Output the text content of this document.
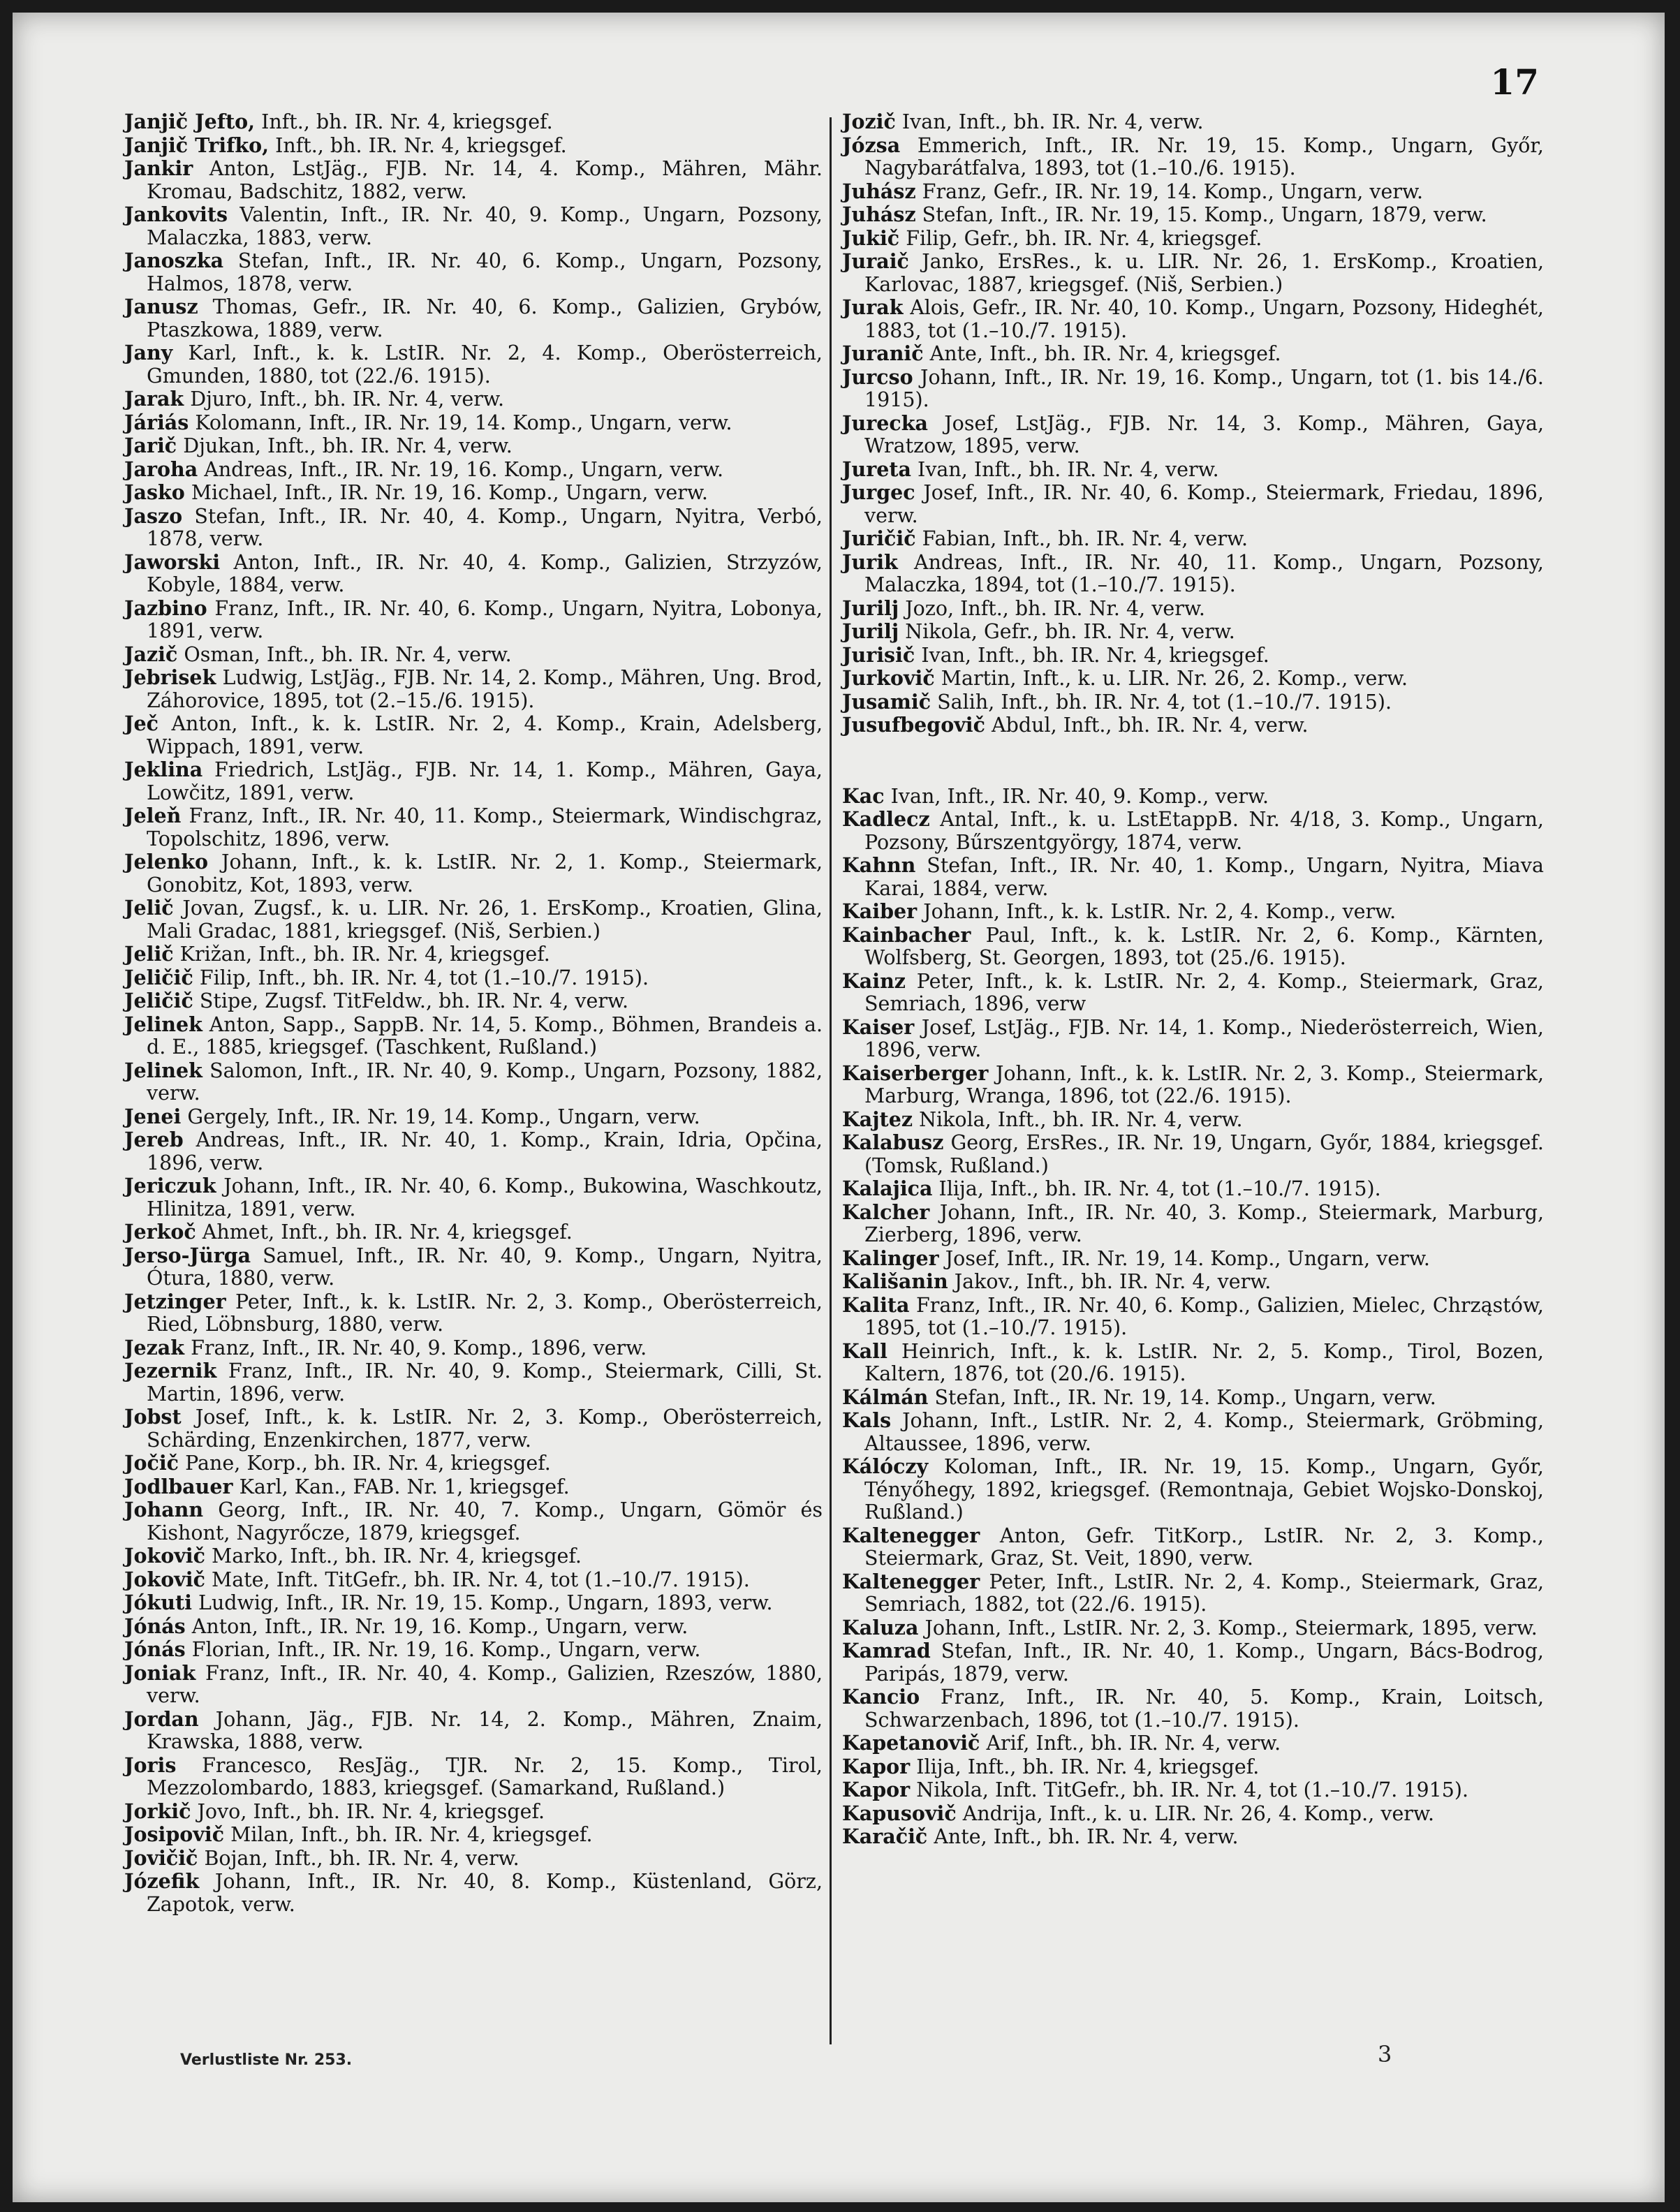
17

Janjič Jefto, Inft., bh. IR. Nr. 4, kriegsgef.

Janjič Trifko, Inft., bh. IR. Nr. 4, kriegsgef.

Jankir Anton, LstJäg., FJB. Nr. 14, 4. Komp., Mähren, Mähr. Kromau, Badschitz, 1882, verw.

Jankovits Valentin, Inft., IR. Nr. 40, 9. Komp., Ungarn, Pozsony, Malaczka, 1883, verw.

Janoszka Stefan, Inft., IR. Nr. 40, 6. Komp., Ungarn, Pozsony, Halmos, 1878, verw.

Janusz Thomas, Gefr., IR. Nr. 40, 6. Komp., Galizien, Grybów, Ptaszkowa, 1889, verw.

Jany Karl, Inft., k. k. LstIR. Nr. 2, 4. Komp., Oberösterreich, Gmunden, 1880, tot (22./6. 1915).

Jarak Djuro, Inft., bh. IR. Nr. 4, verw.

Járiás Kolomann, Inft., IR. Nr. 19, 14. Komp., Ungarn, verw.

Jarič Djukan, Inft., bh. IR. Nr. 4, verw.

Jaroha Andreas, Inft., IR. Nr. 19, 16. Komp., Ungarn, verw.

Jasko Michael, Inft., IR. Nr. 19, 16. Komp., Ungarn, verw.

Jaszo Stefan, Inft., IR. Nr. 40, 4. Komp., Ungarn, Nyitra, Verbó, 1878, verw.

Jaworski Anton, Inft., IR. Nr. 40, 4. Komp., Galizien, Strzyzów, Kobyle, 1884, verw.

Jazbino Franz, Inft., IR. Nr. 40, 6. Komp., Ungarn, Nyitra, Lobonya, 1891, verw.

Jazič Osman, Inft., bh. IR. Nr. 4, verw.

Jebrisek Ludwig, LstJäg., FJB. Nr. 14, 2. Komp., Mähren, Ung. Brod, Záhorovice, 1895, tot (2.–15./6. 1915).

Ječ Anton, Inft., k. k. LstIR. Nr. 2, 4. Komp., Krain, Adelsberg, Wippach, 1891, verw.

Jeklina Friedrich, LstJäg., FJB. Nr. 14, 1. Komp., Mähren, Gaya, Lowčitz, 1891, verw.

Jeleň Franz, Inft., IR. Nr. 40, 11. Komp., Steiermark, Windischgraz, Topolschitz, 1896, verw.

Jelenko Johann, Inft., k. k. LstIR. Nr. 2, 1. Komp., Steiermark, Gonobitz, Kot, 1893, verw.

Jelič Jovan, Zugsf., k. u. LIR. Nr. 26, 1. ErsKomp., Kroatien, Glina, Mali Gradac, 1881, kriegsgef. (Niš, Serbien.)

Jelič Križan, Inft., bh. IR. Nr. 4, kriegsgef.

Jeličič Filip, Inft., bh. IR. Nr. 4, tot (1.–10./7. 1915).

Jeličič Stipe, Zugsf. TitFeldw., bh. IR. Nr. 4, verw.

Jelinek Anton, Sapp., SappB. Nr. 14, 5. Komp., Böhmen, Brandeis a. d. E., 1885, kriegsgef. (Taschkent, Rußland.)

Jelinek Salomon, Inft., IR. Nr. 40, 9. Komp., Ungarn, Pozsony, 1882, verw.

Jenei Gergely, Inft., IR. Nr. 19, 14. Komp., Ungarn, verw.

Jereb Andreas, Inft., IR. Nr. 40, 1. Komp., Krain, Idria, Opčina, 1896, verw.

Jericzuk Johann, Inft., IR. Nr. 40, 6. Komp., Bukowina, Waschkoutz, Hlinitza, 1891, verw.

Jerkoč Ahmet, Inft., bh. IR. Nr. 4, kriegsgef.

Jerso-Jürga Samuel, Inft., IR. Nr. 40, 9. Komp., Ungarn, Nyitra, Ótura, 1880, verw.

Jetzinger Peter, Inft., k. k. LstIR. Nr. 2, 3. Komp., Oberösterreich, Ried, Löbnsburg, 1880, verw.

Jezak Franz, Inft., IR. Nr. 40, 9. Komp., 1896, verw.

Jezernik Franz, Inft., IR. Nr. 40, 9. Komp., Steiermark, Cilli, St. Martin, 1896, verw.

Jobst Josef, Inft., k. k. LstIR. Nr. 2, 3. Komp., Oberösterreich, Schärding, Enzenkirchen, 1877, verw.

Jočič Pane, Korp., bh. IR. Nr. 4, kriegsgef.

Jodlbauer Karl, Kan., FAB. Nr. 1, kriegsgef.

Johann Georg, Inft., IR. Nr. 40, 7. Komp., Ungarn, Gömör és Kishont, Nagyrőcze, 1879, kriegsgef.

Jokovič Marko, Inft., bh. IR. Nr. 4, kriegsgef.

Jokovič Mate, Inft. TitGefr., bh. IR. Nr. 4, tot (1.–10./7. 1915).

Jókuti Ludwig, Inft., IR. Nr. 19, 15. Komp., Ungarn, 1893, verw.

Jónás Anton, Inft., IR. Nr. 19, 16. Komp., Ungarn, verw.

Jónás Florian, Inft., IR. Nr. 19, 16. Komp., Ungarn, verw.

Joniak Franz, Inft., IR. Nr. 40, 4. Komp., Galizien, Rzeszów, 1880, verw.

Jordan Johann, Jäg., FJB. Nr. 14, 2. Komp., Mähren, Znaim, Krawska, 1888, verw.

Joris Francesco, ResJäg., TJR. Nr. 2, 15. Komp., Tirol, Mezzolombardo, 1883, kriegsgef. (Samarkand, Rußland.)

Jorkič Jovo, Inft., bh. IR. Nr. 4, kriegsgef.

Josipovič Milan, Inft., bh. IR. Nr. 4, kriegsgef.

Jovičič Bojan, Inft., bh. IR. Nr. 4, verw.

Józefik Johann, Inft., IR. Nr. 40, 8. Komp., Küstenland, Görz, Zapotok, verw.

Jozič Ivan, Inft., bh. IR. Nr. 4, verw.

Józsa Emmerich, Inft., IR. Nr. 19, 15. Komp., Ungarn, Győr, Nagybarátfalva, 1893, tot (1.–10./6. 1915).

Juhász Franz, Gefr., IR. Nr. 19, 14. Komp., Ungarn, verw.

Juhász Stefan, Inft., IR. Nr. 19, 15. Komp., Ungarn, 1879, verw.

Jukič Filip, Gefr., bh. IR. Nr. 4, kriegsgef.

Juraič Janko, ErsRes., k. u. LIR. Nr. 26, 1. ErsKomp., Kroatien, Karlovac, 1887, kriegsgef. (Niš, Serbien.)

Jurak Alois, Gefr., IR. Nr. 40, 10. Komp., Ungarn, Pozsony, Hideghét, 1883, tot (1.–10./7. 1915).

Juranič Ante, Inft., bh. IR. Nr. 4, kriegsgef.

Jurcso Johann, Inft., IR. Nr. 19, 16. Komp., Ungarn, tot (1. bis 14./6. 1915).

Jurecka Josef, LstJäg., FJB. Nr. 14, 3. Komp., Mähren, Gaya, Wratzow, 1895, verw.

Jureta Ivan, Inft., bh. IR. Nr. 4, verw.

Jurgec Josef, Inft., IR. Nr. 40, 6. Komp., Steiermark, Friedau, 1896, verw.

Juričič Fabian, Inft., bh. IR. Nr. 4, verw.

Jurik Andreas, Inft., IR. Nr. 40, 11. Komp., Ungarn, Pozsony, Malaczka, 1894, tot (1.–10./7. 1915).

Jurilj Jozo, Inft., bh. IR. Nr. 4, verw.

Jurilj Nikola, Gefr., bh. IR. Nr. 4, verw.

Jurisič Ivan, Inft., bh. IR. Nr. 4, kriegsgef.

Jurkovič Martin, Inft., k. u. LIR. Nr. 26, 2. Komp., verw.

Jusamič Salih, Inft., bh. IR. Nr. 4, tot (1.–10./7. 1915).

Jusufbegovič Abdul, Inft., bh. IR. Nr. 4, verw.

Kac Ivan, Inft., IR. Nr. 40, 9. Komp., verw.

Kadlecz Antal, Inft., k. u. LstEtappB. Nr. 4/18, 3. Komp., Ungarn, Pozsony, Bűrszentgyörgy, 1874, verw.

Kahnn Stefan, Inft., IR. Nr. 40, 1. Komp., Ungarn, Nyitra, Miava Karai, 1884, verw.

Kaiber Johann, Inft., k. k. LstIR. Nr. 2, 4. Komp., verw.

Kainbacher Paul, Inft., k. k. LstIR. Nr. 2, 6. Komp., Kärnten, Wolfsberg, St. Georgen, 1893, tot (25./6. 1915).

Kainz Peter, Inft., k. k. LstIR. Nr. 2, 4. Komp., Steiermark, Graz, Semriach, 1896, verw

Kaiser Josef, LstJäg., FJB. Nr. 14, 1. Komp., Niederösterreich, Wien, 1896, verw.

Kaiserberger Johann, Inft., k. k. LstIR. Nr. 2, 3. Komp., Steiermark, Marburg, Wranga, 1896, tot (22./6. 1915).

Kajtez Nikola, Inft., bh. IR. Nr. 4, verw.

Kalabusz Georg, ErsRes., IR. Nr. 19, Ungarn, Győr, 1884, kriegsgef. (Tomsk, Rußland.)

Kalajica Ilija, Inft., bh. IR. Nr. 4, tot (1.–10./7. 1915).

Kalcher Johann, Inft., IR. Nr. 40, 3. Komp., Steiermark, Marburg, Zierberg, 1896, verw.

Kalinger Josef, Inft., IR. Nr. 19, 14. Komp., Ungarn, verw.

Kališanin Jakov., Inft., bh. IR. Nr. 4, verw.

Kalita Franz, Inft., IR. Nr. 40, 6. Komp., Galizien, Mielec, Chrząstów, 1895, tot (1.–10./7. 1915).

Kall Heinrich, Inft., k. k. LstIR. Nr. 2, 5. Komp., Tirol, Bozen, Kaltern, 1876, tot (20./6. 1915).

Kálmán Stefan, Inft., IR. Nr. 19, 14. Komp., Ungarn, verw.

Kals Johann, Inft., LstIR. Nr. 2, 4. Komp., Steiermark, Gröbming, Altaussee, 1896, verw.

Kálóczy Koloman, Inft., IR. Nr. 19, 15. Komp., Ungarn, Győr, Tényőhegy, 1892, kriegsgef. (Remontnaja, Gebiet Wojsko-Donskoj, Rußland.)

Kaltenegger Anton, Gefr. TitKorp., LstIR. Nr. 2, 3. Komp., Steiermark, Graz, St. Veit, 1890, verw.

Kaltenegger Peter, Inft., LstIR. Nr. 2, 4. Komp., Steiermark, Graz, Semriach, 1882, tot (22./6. 1915).

Kaluza Johann, Inft., LstIR. Nr. 2, 3. Komp., Steiermark, 1895, verw.

Kamrad Stefan, Inft., IR. Nr. 40, 1. Komp., Ungarn, Bács-Bodrog, Paripás, 1879, verw.

Kancio Franz, Inft., IR. Nr. 40, 5. Komp., Krain, Loitsch, Schwarzenbach, 1896, tot (1.–10./7. 1915).

Kapetanovič Arif, Inft., bh. IR. Nr. 4, verw.

Kapor Ilija, Inft., bh. IR. Nr. 4, kriegsgef.

Kapor Nikola, Inft. TitGefr., bh. IR. Nr. 4, tot (1.–10./7. 1915).

Kapusovič Andrija, Inft., k. u. LIR. Nr. 26, 4. Komp., verw.

Karačič Ante, Inft., bh. IR. Nr. 4, verw.

Verlustliste Nr. 253.	3
